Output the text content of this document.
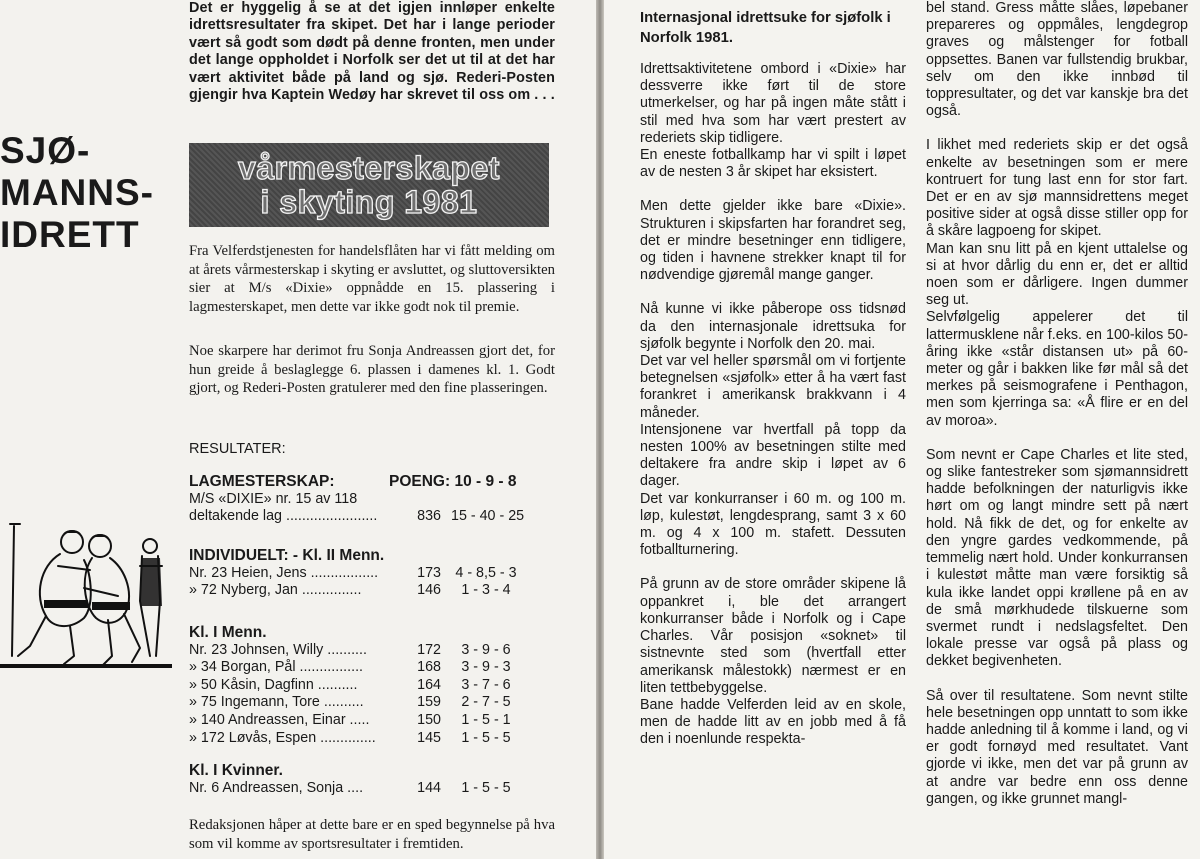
Det er hyggelig å se at det igjen innløper enkelte idrettsresultater fra skipet. Det har i lange perioder vært så godt som dødt på denne fronten, men under det lange oppholdet i Norfolk ser det ut til at det har vært aktivitet både på land og sjø. Rederi-Posten gjengir hva Kaptein Wedøy har skrevet til oss om . . .

SJØ-
MANNS-
IDRETT
vårmesterskapet
i skyting 1981

Fra Velferdstjenesten for handelsflåten har vi fått melding om at årets vårmesterskap i skyting er avsluttet, og sluttoversikten sier at M/s «Dixie» oppnådde en 15. plassering i lagmesterskapet, men dette var ikke godt nok til premie.

Noe skarpere har derimot fru Sonja Andreassen gjort det, for hun greide å beslaglegge 6. plassen i damenes kl. 1. Godt gjort, og Rederi-Posten gratulerer med den fine plasseringen.

RESULTATER:
LAGMESTERSKAP:	POENG: 10 - 9 - 8
M/S «DIXIE» nr. 15 av 118
deltakende lag .......................	836 15 - 40 - 25
INDIVIDUELT: - Kl. II Menn.
Nr. 23 Heien, Jens .................	173	4 - 8,5 - 3
» 72 Nyberg, Jan ...............	146	1 - 3 - 4
Kl. I Menn.
Nr. 23 Johnsen, Willy ..........	172	3 - 9 - 6
» 34 Borgan, Pål ................	168	3 - 9 - 3
» 50 Kåsin, Dagfinn ..........	164	3 - 7 - 6
» 75 Ingemann, Tore ..........	159	2 - 7 - 5
» 140 Andreassen, Einar .....	150	1 - 5 - 1
» 172 Løvås, Espen ..............	145	1 - 5 - 5
Kl. I Kvinner.
Nr. 6 Andreassen, Sonja ....	144	1 - 5 - 5

Redaksjonen håper at dette bare er en sped begynnelse på hva som vil komme av sportsresultater i fremtiden.

Internasjonal idrettsuke for sjøfolk i Norfolk 1981.

Idrettsaktivitetene ombord i «Dixie» har dessverre ikke ført til de store utmerkelser, og har på ingen måte stått i stil med hva som har vært prestert av rederiets skip tidligere.

En eneste fotballkamp har vi spilt i løpet av de nesten 3 år skipet har eksistert.

Men dette gjelder ikke bare «Dixie». Strukturen i skipsfarten har forandret seg, det er mindre besetninger enn tidligere, og tiden i havnene strekker knapt til for nødvendige gjøremål mange ganger.

Nå kunne vi ikke påberope oss tidsnød da den internasjonale idrettsuka for sjøfolk begynte i Norfolk den 20. mai.

Det var vel heller spørsmål om vi fortjente betegnelsen «sjøfolk» etter å ha vært fast forankret i amerikansk brakkvann i 4 måneder.

Intensjonene var hvertfall på topp da nesten 100% av besetningen stilte med deltakere fra andre skip i løpet av 6 dager.

Det var konkurranser i 60 m. og 100 m. løp, kulestøt, lengdesprang, samt 3 x 60 m. og 4 x 100 m. stafett. Dessuten fotballturnering.

På grunn av de store områder skipene lå oppankret i, ble det arrangert konkurranser både i Norfolk og i Cape Charles. Vår posisjon «soknet» til sistnevnte sted som (hvertfall etter amerikansk målestokk) nærmest er en liten tettbebyggelse.

Bane hadde Velferden leid av en skole, men de hadde litt av en jobb med å få den i noenlunde respekta-

bel stand. Gress måtte slåes, løpebaner prepareres og oppmåles, lengdegrop graves og målstenger for fotball oppsettes. Banen var fullstendig brukbar, selv om den ikke innbød til toppresultater, og det var kanskje bra det også.

I likhet med rederiets skip er det også enkelte av besetningen som er mere kontruert for tung last enn for stor fart. Det er en av sjø mannsidrettens meget positive sider at også disse stiller opp for å skåre lagpoeng for skipet.

Man kan snu litt på en kjent uttalelse og si at hvor dårlig du enn er, det er alltid noen som er dårligere. Ingen dummer seg ut.

Selvfølgelig appelerer det til lattermusklene når f.eks. en 100-kilos 50-åring ikke «står distansen ut» på 60-meter og går i bakken like før mål så det merkes på seismografene i Penthagon, men som kjerringa sa: «Å flire er en del av moroa».

Som nevnt er Cape Charles et lite sted, og slike fantestreker som sjømannsidrett hadde befolkningen der naturligvis ikke hørt om og langt mindre sett på nært hold. Nå fikk de det, og for enkelte av den yngre gardes vedkommende, på temmelig nært hold. Under konkurransen i kulestøt måtte man være forsiktig så kula ikke landet oppi krøllene på en av de små mørkhudede tilskuerne som svermet rundt i nedslagsfeltet. Den lokale presse var også på plass og dekket begivenheten.

Så over til resultatene. Som nevnt stilte hele besetningen opp unntatt to som ikke hadde anledning til å komme i land, og vi er godt fornøyd med resultatet. Vant gjorde vi ikke, men det var på grunn av at andre var bedre enn oss denne gangen, og ikke grunnet mangl-
